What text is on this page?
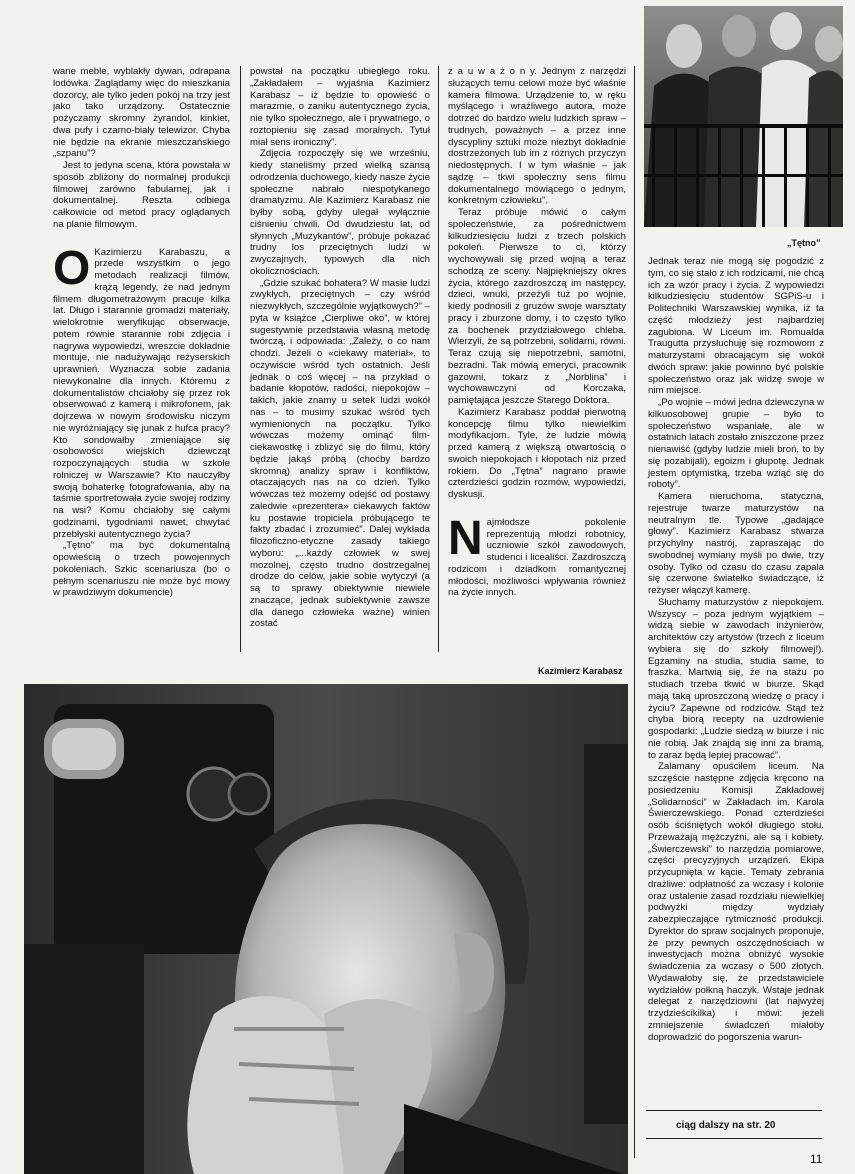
wane meble, wyblakły dywan, odrapana lodówka. Zaglądamy więc do mieszkania dozorcy, ale tylko jeden pokój na trzy jest jako tako urządzony. Ostatecznie pożyczamy skromny żyrandol, kinkiet, dwa pufy i czarno-biały telewizor. Chyba nie będzie na ekranie mieszczańskiego „szpanu”?

Jest to jedyna scena, która powstała w sposób zbliżony do normalnej produkcji filmowej zarówno fabularnej, jak i dokumentalnej. Reszta odbiega całkowicie od metod pracy oglądanych na planie filmowym.

O Kazimierzu Karabaszu, a przede wszystkim o jego metodach realizacji filmów, krążą legendy, że nad jednym filmem długometrażowym pracuje kilka lat. Długo i starannie gromadzi materiały, wielokrotnie weryfikując obserwacje, potem równie starannie robi zdjęcia i nagrywa wypowiedzi, wreszcie dokładnie montuje, nie nadużywając reżyserskich uprawnień. Wyznacza sobie zadania niewykonalne dla innych. Któremu z dokumentalistów chciałoby się przez rok obserwować z kamerą i mikrofonem, jak dojrzewa w nowym środowisku niczym nie wyróżniający się junak z hufca pracy? Kto sondowałby zmieniające się osobowości wiejskich dziewcząt rozpoczynających studia w szkole rolniczej w Warszawie? Kto nauczyłby swoją bohaterkę fotografowania, aby na taśmie sportretowała życie swojej rodziny na wsi? Komu chciałoby się całymi godzinami, tygodniami nawet, chwytać przebłyski autentycznego życia?

„Tętno” ma być dokumentalną opowieścią o trzech powojennych pokoleniach. Szkic scenariusza (bo o pełnym scenariuszu nie może być mowy w prawdziwym dokumencie)

powstał na początku ubiegłego roku. „Zakładałem – wyjaśnia Kazimierz Karabasz – iż będzie to opowieść o marazmie, o zaniku autentycznego życia, nie tylko społecznego, ale i prywatnego, o roztopieniu się zasad moralnych. Tytuł miał sens ironiczny”.

Zdjęcia rozpoczęły się we wrześniu, kiedy staneliśmy przed wielką szansą odrodzenia duchowego, kiedy nasze życie społeczne nabrało niespotykanego dramatyzmu. Ale Kazimierz Karabasz nie byłby sobą, gdyby ulegał wyłącznie ciśnieniu chwili. Od dwudziestu lat, od słynnych „Muzykantów”, próbuje pokazać trudny los przeciętnych ludzi w zwyczajnych, typowych dla nich okolicznościach.

„Gdzie szukać bohatera? W masie ludzi zwykłych, przeciętnych – czy wśród niezwykłych, szczególnie wyjątkowych?” – pyta w książce „Cierpliwe oko”, w której sugestywnie przedstawia własną metodę twórczą, i odpowiada: „Zależy, o co nam chodzi. Jeżeli o «ciekawy materiał», to oczywiście wśród tych ostatnich. Jeśli jednak o coś więcej – na przykład o badanie kłopotów, radości, niepokojów – takich, jakie znamy u setek ludzi wokół nas – to musimy szukać wśród tych wymienionych na początku. Tylko wówczas możemy ominąć film-ciekawostkę i zbliżyć się do filmu, który będzie jakąś próbą (choćby bardzo skromną) analizy spraw i konfliktów, otaczających nas na co dzień. Tylko wówczas też możemy odejść od postawy zaledwie «prezentera» ciekawych faktów ku postawie tropiciela próbującego te fakty zbadać i zrozumieć”. Dalej wykłada filozoficzno-etyczne zasady takiego wyboru: „...każdy człowiek w swej mozolnej, często trudno dostrzegalnej drodze do celów, jakie sobie wytyczył (a są to sprawy obiektywnie niewiele znaczące, jednak subiektywnie zawsze dla danego człowieka ważne) winien zostać

z a u w a ż o n y. Jednym z narzędzi służących temu celowi może być właśnie kamera filmowa. Urządzenie to, w ręku myślącego i wrażliwego autora, może dotrzeć do bardzo wielu ludzkich spraw – trudnych, poważnych – a przez inne dyscypliny sztuki może niezbyt dokładnie dostrzeżonych lub im z różnych przyczyn niedostępnych. I w tym właśnie – jak sądzę – tkwi społeczny sens filmu dokumentalnego mówiącego o jednym, konkretnym człowieku”.

Teraz próbuje mówić o całym społeczeństwie, za pośrednictwem kilkudziesięciu ludzi z trzech polskich pokoleń. Pierwsze to ci, którzy wychowywali się przed wojną a teraz schodzą ze sceny. Najpiękniejszy okres życia, którego zazdroszczą im następcy, dzieci, wnuki, przeżyli tuż po wojnie, kiedy podnosili z gruzów swoje warsztaty pracy i zburzone domy, i to często tylko za bochenek przydziałowego chleba. Wierzyli, że są potrzebni, solidarni, równi. Teraz czują się niepotrzebni, samotni, bezradni. Tak mówią emeryci, pracownik gazowni, tokarz z „Norblina” i wychowawczyni od Korczaka, pamiętająca jeszcze Starego Doktora.

Kazimierz Karabasz poddał pierwotną koncepcję filmu tylko niewielkim modyfikacjom. Tyle, że ludzie mówią przed kamerą z większą otwartością o swoich niepokojach i kłopotach niż przed rokiem. Do „Tętna” nagrano prawie czterdzieści godzin rozmów, wypowiedzi, dyskusji.

Najmłodsze pokolenie reprezentują młodzi robotnicy, uczniowie szkół zawodowych, studenci i licealiści. Zazdroszczą rodzicom i dziadkom romantycznej młodości, możliwości wpływania również na życie innych.

Kazimierz Karabasz
„Tętno”

Jednak teraz nie mogą się pogodzić z tym, co się stało z ich rodzicami, nie chcą ich za wzór pracy i życia. Z wypowiedzi kilkudziesięciu studentów SGPiS-u i Politechniki Warszawskiej wynika, iż ta część młodzieży jest najbardziej zagubiona. W Liceum im. Romualda Traugutta przysłuchuję się rozmowom z maturzystami obracającym się wokół dwóch spraw: jakie powinno być polskie społeczeństwo oraz jak widzę swoje w nim miejsce.

„Po wojnie – mówi jedna dziewczyna w kilkuosobowej grupie – było to społeczeństwo wspaniałe, ale w ostatnich latach zostało zniszczone przez nienawiść (gdyby ludzie mieli broń, to by się pozabijali), egoizm i głupotę. Jednak jestem optymistką, trzeba wziąć się do roboty”.

Kamera nieruchoma, statyczna, rejestruje twarze maturzystów na neutralnym tle. Typowe „gadające głowy”. Kazimierz Karabasz stwarza przychylny nastrój, zapraszając do swobodnej wymiany myśli po dwie, trzy osoby. Tylko od czasu do czasu zapala się czerwone światełko świadczące, iż reżyser włączył kamerę.

Słuchamy maturzystów z niepokojem. Wszyscy – poza jednym wyjątkiem – widzą siebie w zawodach inżynierów, architektów czy artystów (trzech z liceum wybiera się do szkoły filmowej!). Egzaminy na studia, studia same, to fraszka. Martwią się, że na stażu po studiach trzeba tkwić w biurze. Skąd mają taką uproszczoną wiedzę o pracy i życiu? Zapewne od rodziców. Stąd też chyba biorą recepty na uzdrowienie gospodarki: „Ludzie siedzą w biurze i nic nie robią. Jak znajdą się inni za bramą, to zaraz będą lepiej pracować”.

Zalamany opuściłem liceum. Na szczęście następne zdjęcia kręcono na posiedzeniu Komisji Zakładowej „Solidarności” w Zakładach im. Karola Świerczewskiego. Ponad czterdzieści osób ściśniętych wokół długiego stołu. Przeważają mężczyźni, ale są i kobiety. „Świerczewski” to narzędzia pomiarowe, części precyzyjnych urządzeń. Ekipa przycupnięta w kącie. Tematy zebrania drażliwe: odpłatność za wczasy i kolonie oraz ustalenie zasad rozdziału niewielkiej podwyżki między wydziały zabezpieczające rytmiczność produkcji. Dyrektor do spraw socjalnych proponuje, że przy pewnych oszczędnościach w inwestycjach można obniżyć wysokie świadczenia za wczasy o 500 złotych. Wydawałoby się, że przedstawiciele wydziałów połkną haczyk. Wstaje jednak delegat z narzędziowni (lat najwyżej trzydzieścikilka) i mówi: jeżeli zmniejszenie świadczeń miałoby doprowadzić do pogorszenia warun-

ciąg dalszy na str. 20
11
